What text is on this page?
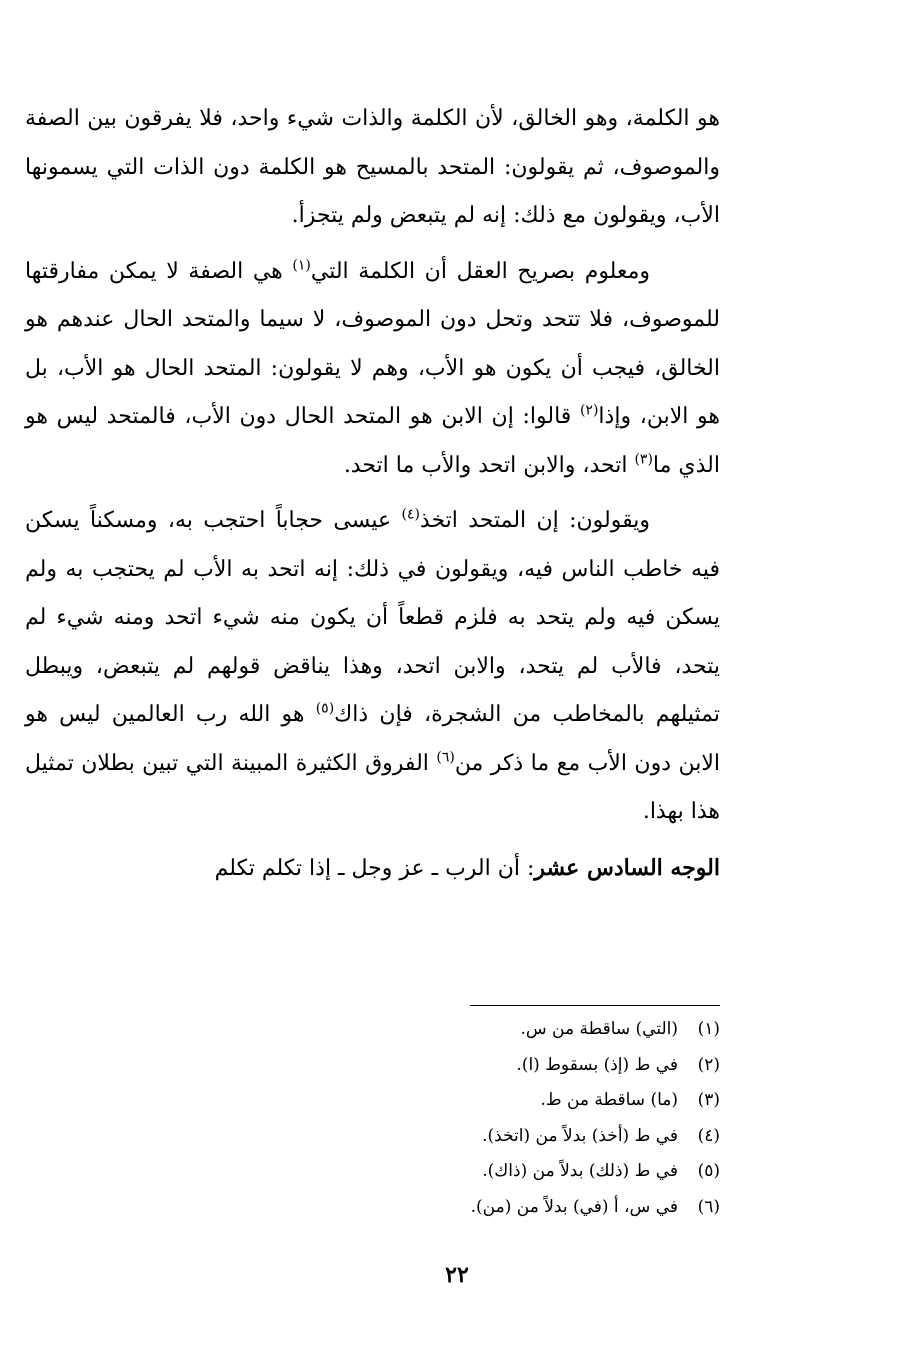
هو الكلمة، وهو الخالق، لأن الكلمة والذات شيء واحد، فلا يفرقون بين الصفة والموصوف، ثم يقولون: المتحد بالمسيح هو الكلمة دون الذات التي يسمونها الأب، ويقولون مع ذلك: إنه لم يتبعض ولم يتجزأ.

ومعلوم بصريح العقل أن الكلمة التي$^{(١)}$ هي الصفة لا يمكن مفارقتها للموصوف، فلا تتحد وتحل دون الموصوف، لا سيما والمتحد الحال عندهم هو الخالق، فيجب أن يكون هو الأب، وهم لا يقولون: المتحد الحال هو الأب، بل هو الابن، وإذا$^{(٢)}$ قالوا: إن الابن هو المتحد الحال دون الأب، فالمتحد ليس هو الذي ما$^{(٣)}$ اتحد، والابن اتحد والأب ما اتحد.

ويقولون: إن المتحد اتخذ$^{(٤)}$ عيسى حجاباً احتجب به، ومسكناً يسكن فيه خاطب الناس فيه، ويقولون في ذلك: إنه اتحد به الأب لم يحتجب به ولم يسكن فيه ولم يتحد به فلزم قطعاً أن يكون منه شيء اتحد ومنه شيء لم يتحد، فالأب لم يتحد، والابن اتحد، وهذا يناقض قولهم لم يتبعض، ويبطل تمثيلهم بالمخاطب من الشجرة، فإن ذاك$^{(٥)}$ هو الله رب العالمين ليس هو الابن دون الأب مع ما ذكر من$^{(٦)}$ الفروق الكثيرة المبينة التي تبين بطلان تمثيل هذا بهذا.

الوجه السادس عشر: أن الرب ـ عز وجل ـ إذا تكلم تكلم

(١)(التي) ساقطة من س.
(٢)في ط (إذ) بسقوط (ا).
(٣)(ما) ساقطة من ط.
(٤)في ط (أخذ) بدلاً من (اتخذ).
(٥)في ط (ذلك) بدلاً من (ذاك).
(٦)في س، أ (في) بدلاً من (من).
٢٢
